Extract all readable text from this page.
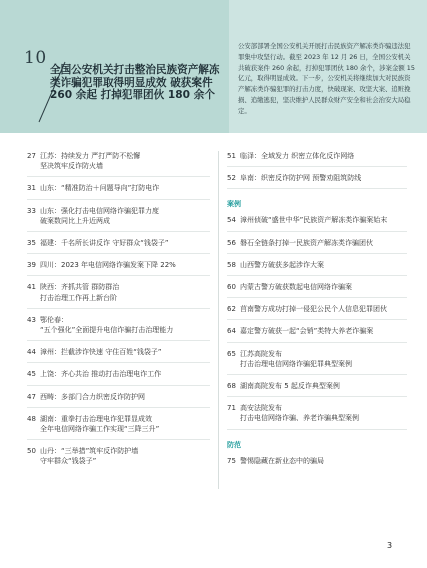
10
全国公安机关打击整治民族资产解冻类诈骗犯罪取得明显成效 破获案件 260 余起 打掉犯罪团伙 180 余个
公安部部署全国公安机关开展打击民族资产解冻类诈骗违法犯罪集中攻坚行动。截至 2023 年 12 月 26 日，全国公安机关共破获案件 260 余起，打掉犯罪团伙 180 余个，涉案金额 15 亿元，取得明显成效。下一步，公安机关将继续加大对民族资产解冻类诈骗犯罪的打击力度，快破现案、攻坚大案、追赃挽损、追缴逃犯，坚决维护人民群众财产安全和社会治安大局稳定。
27 江苏：持续发力 严打严防不松懈
坚决筑牢反诈防火墙
31 山东：“精准防治＋问题导向”打防电诈
33 山东：强化打击电信网络诈骗犯罪力度
破案数同比上升近两成
35 福建：千名所长讲反诈 守好群众“钱袋子”
39 四川：2023 年电信网络诈骗发案下降 22%
41 陕西：齐抓共管 群防群治
打击治理工作再上新台阶
43 鄂伦春：
“五个强化”全面提升电信诈骗打击治理能力
44 漳州：拦截涉诈快速 守住百姓“钱袋子”
45 上饶：齐心共治 推动打击治理电诈工作
47 西畴：多部门合力织密反诈防护网
48 湖南：重拳打击治理电诈犯罪显成效
全年电信网络诈骗工作实现“三降三升”
50 山丹：“三举措”筑牢反诈防护墙
守牢群众“钱袋子”
51 临泽：全域发力 织密立体化反诈网络
52 阜南：织密反诈防护网 预警劝阻筑防线
案例
54 漳州侦破“盛世中华”民族资产解冻类诈骗案始末
56 磐石全链条打掉一民族资产解冻类诈骗团伙
58 山西警方破获多起涉诈大案
60 内蒙古警方破获数起电信网络诈骗案
62 莒南警方成功打掉一侵犯公民个人信息犯罪团伙
64 嘉定警方破获一起“会销”类特大养老诈骗案
65 江苏高院发布
打击治理电信网络诈骗犯罪典型案例
68 湖南高院发布 5 起反诈典型案例
71 高安法院发布
打击电信网络诈骗、养老诈骗典型案例
防范
75 警惕隐藏在新业态中的骗局
3
